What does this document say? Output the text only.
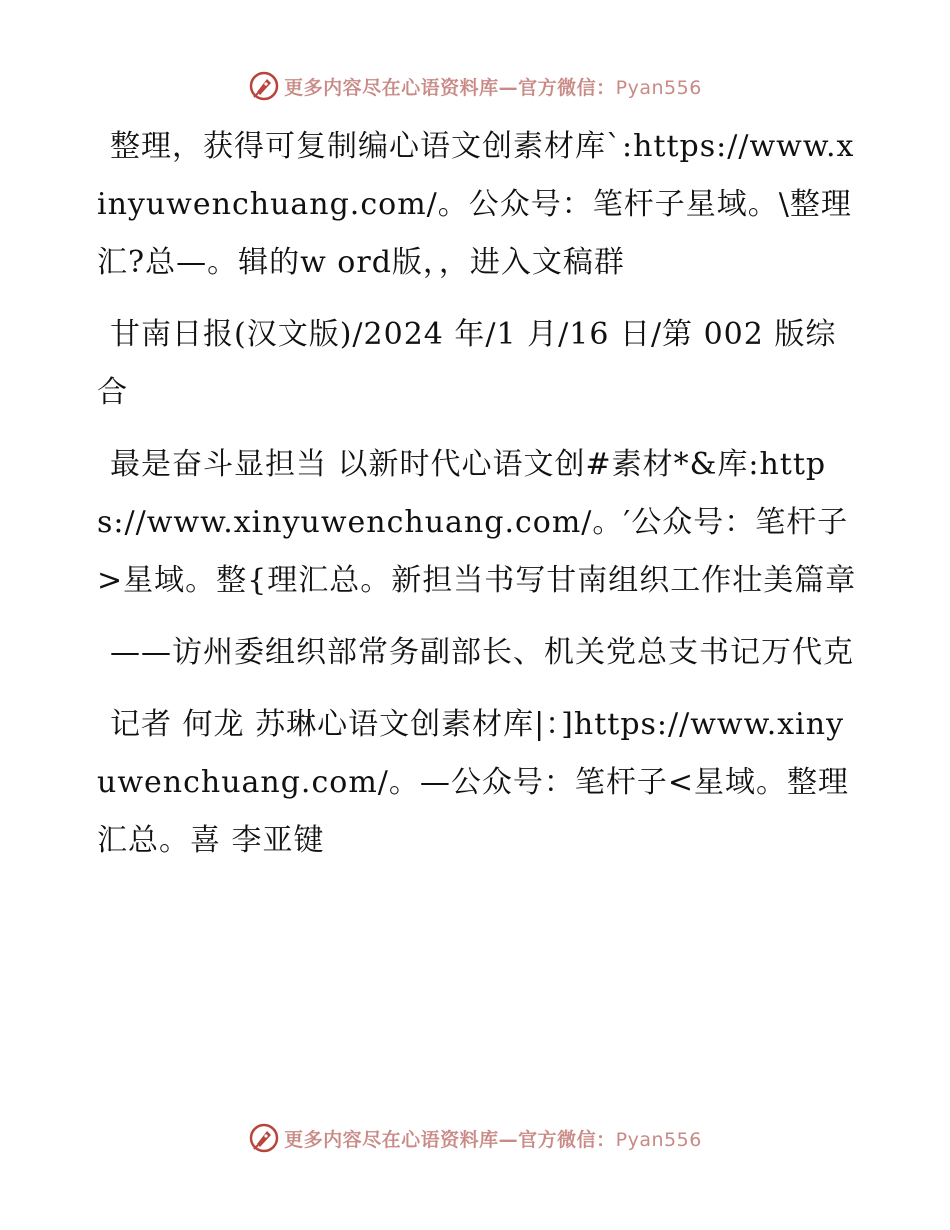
更多内容尽在心语资料库—官方微信：Pyan556

整理，获得可复制编心语文创素材库`:https://www.xinyuwenchuang.com/。公众号：笔杆子星域。\整理汇?总—。辑的w ord版，，进入文稿群

甘南日报(汉文版)/2024 年/1 月/16 日/第 002 版综合

最是奋斗显担当 以新时代心语文创#素材*&库:https://www.xinyuwenchuang.com/。′公众号：笔杆子>星域。整{理汇总。新担当书写甘南组织工作壮美篇章

——访州委组织部常务副部长、机关党总支书记万代克

记者 何龙 苏琳心语文创素材库|：]https://www.xinyuwenchuang.com/。—公众号：笔杆子<星域。整理汇总。喜 李亚键

更多内容尽在心语资料库—官方微信：Pyan556
